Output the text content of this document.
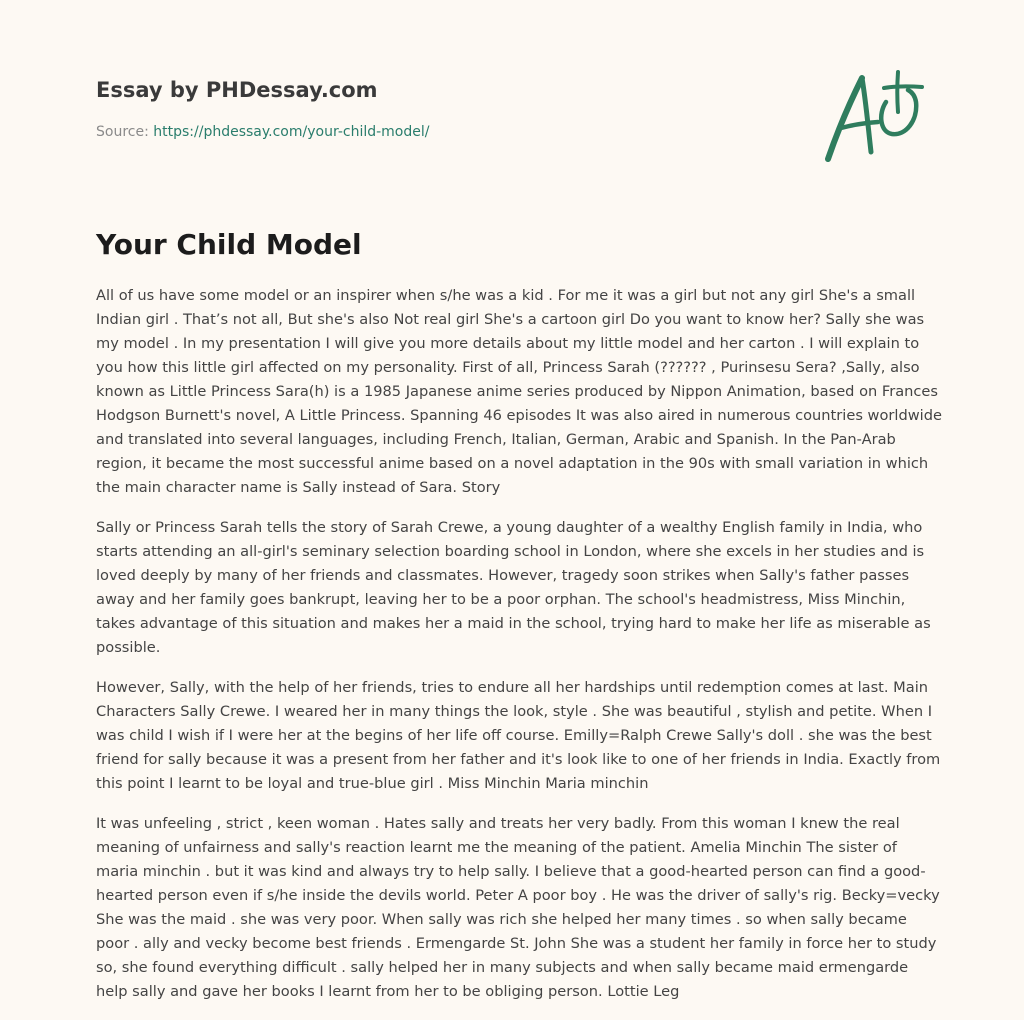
Essay by PHDessay.com
Source: https://phdessay.com/your-child-model/
Your Child Model

All of us have some model or an inspirer when s/he was a kid . For me it was a girl but not any girl She's a small Indian girl . That’s not all, But she's also Not real girl She's a cartoon girl Do you want to know her? Sally she was my model . In my presentation I will give you more details about my little model and her carton . I will explain to you how this little girl affected on my personality. First of all, Princess Sarah (?????? , Purinsesu Sera? ,Sally, also known as Little Princess Sara(h) is a 1985 Japanese anime series produced by Nippon Animation, based on Frances Hodgson Burnett's novel, A Little Princess. Spanning 46 episodes It was also aired in numerous countries worldwide and translated into several languages, including French, Italian, German, Arabic and Spanish. In the Pan-Arab region, it became the most successful anime based on a novel adaptation in the 90s with small variation in which the main character name is Sally instead of Sara. Story

Sally or Princess Sarah tells the story of Sarah Crewe, a young daughter of a wealthy English family in India, who starts attending an all-girl's seminary selection boarding school in London, where she excels in her studies and is loved deeply by many of her friends and classmates. However, tragedy soon strikes when Sally's father passes away and her family goes bankrupt, leaving her to be a poor orphan. The school's headmistress, Miss Minchin, takes advantage of this situation and makes her a maid in the school, trying hard to make her life as miserable as possible.

However, Sally, with the help of her friends, tries to endure all her hardships until redemption comes at last. Main Characters Sally Crewe. I weared her in many things the look, style . She was beautiful , stylish and petite. When I was child I wish if I were her at the begins of her life off course. Emilly=Ralph Crewe Sally's doll . she was the best friend for sally because it was a present from her father and it's look like to one of her friends in India. Exactly from this point I learnt to be loyal and true-blue girl . Miss Minchin Maria minchin

It was unfeeling , strict , keen woman . Hates sally and treats her very badly. From this woman I knew the real meaning of unfairness and sally's reaction learnt me the meaning of the patient. Amelia Minchin The sister of maria minchin . but it was kind and always try to help sally. I believe that a good-hearted person can find a good-hearted person even if s/he inside the devils world. Peter A poor boy . He was the driver of sally's rig. Becky=vecky She was the maid . she was very poor. When sally was rich she helped her many times . so when sally became poor . ally and vecky become best friends . Ermengarde St. John She was a student her family in force her to study so, she found everything difficult . sally helped her in many subjects and when sally became maid ermengarde help sally and gave her books I learnt from her to be obliging person. Lottie Leg
